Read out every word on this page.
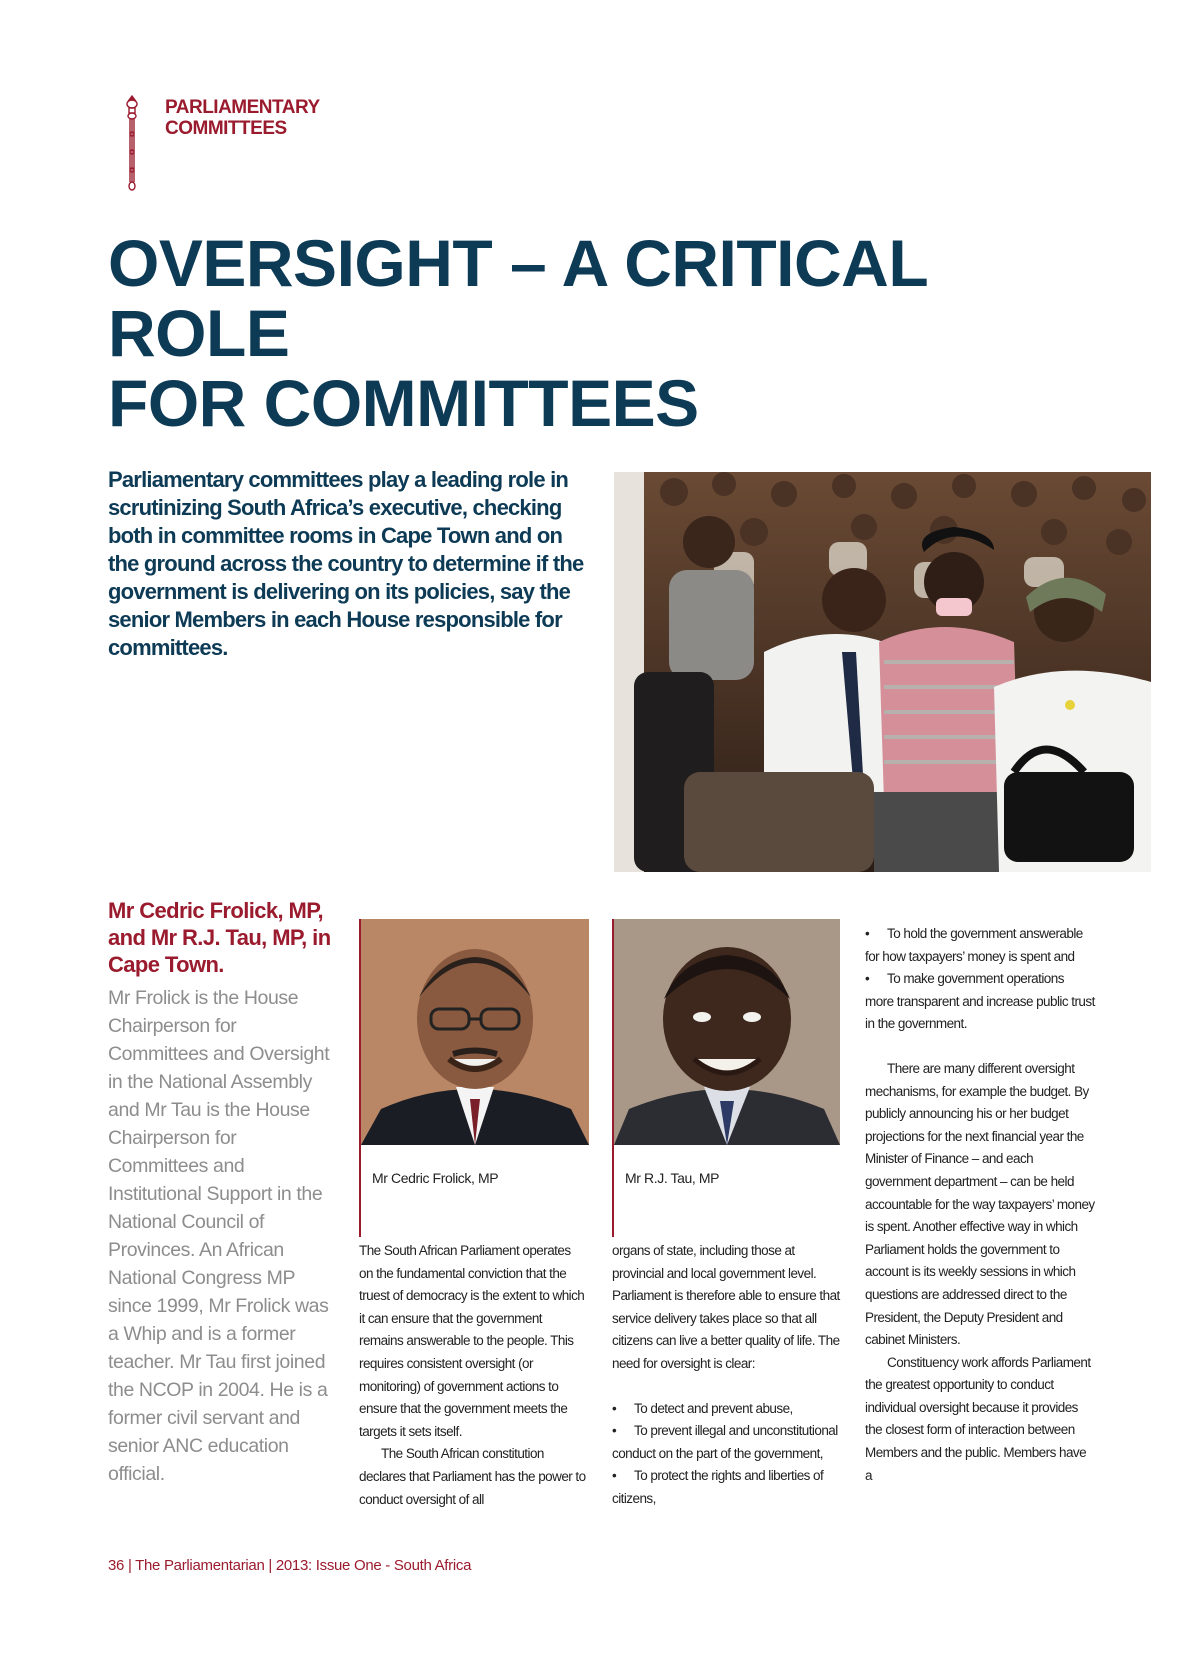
PARLIAMENTARY
COMMITTEES
OVERSIGHT – A CRITICAL ROLE
FOR COMMITTEES

Parliamentary committees play a leading role in scrutinizing South Africa’s executive, checking both in committee rooms in Cape Town and on the ground across the country to determine if the government is delivering on its policies, say the senior Members in each House responsible for committees.

Mr Cedric Frolick, MP, and Mr R.J. Tau, MP, in Cape Town.

Mr Frolick is the House Chairperson for Committees and Oversight in the National Assembly and Mr Tau is the House Chairperson for Committees and Institutional Support in the National Council of Provinces. An African National Congress MP since 1999, Mr Frolick was a Whip and is a former teacher. Mr Tau first joined the NCOP in 2004. He is a former civil servant and senior ANC education official.

Mr Cedric Frolick, MP	Mr R.J. Tau, MP

The South African Parliament operates on the fundamental conviction that the truest of democracy is the extent to which it can ensure that the government remains answerable to the people. This requires consistent oversight (or monitoring) of government actions to ensure that the government meets the targets it sets itself.

The South African constitution declares that Parliament has the power to conduct oversight of all

organs of state, including those at provincial and local government level. Parliament is therefore able to ensure that service delivery takes place so that all citizens can live a better quality of life. The need for oversight is clear:

• To detect and prevent abuse,

• To prevent illegal and unconstitutional conduct on the part of the government,

• To protect the rights and liberties of citizens,

• To hold the government answerable for how taxpayers’ money is spent and

• To make government operations more transparent and increase public trust in the government.

There are many different oversight mechanisms, for example the budget. By publicly announcing his or her budget projections for the next financial year the Minister of Finance – and each government department – can be held accountable for the way taxpayers’ money is spent. Another effective way in which Parliament holds the government to account is its weekly sessions in which questions are addressed direct to the President, the Deputy President and cabinet Ministers.

Constituency work affords Parliament the greatest opportunity to conduct individual oversight because it provides the closest form of interaction between Members and the public. Members have a

36 | The Parliamentarian | 2013: Issue One - South Africa
